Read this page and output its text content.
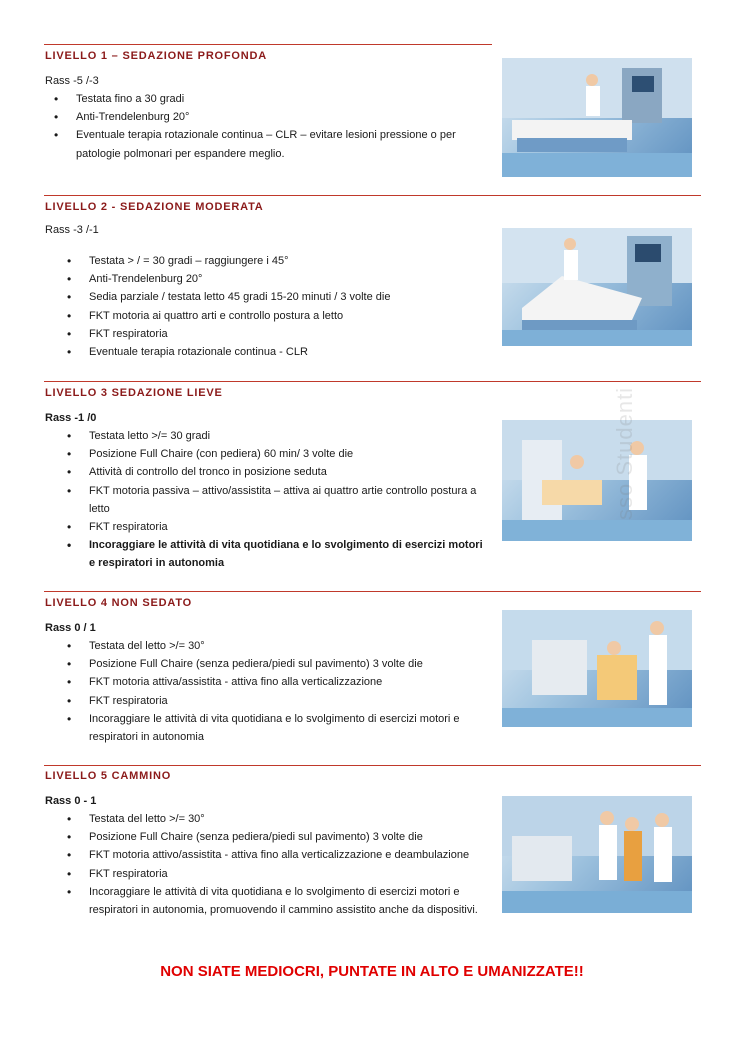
LIVELLO 1 – SEDAZIONE PROFONDA
Rass -5 /-3
• Testata fino a 30 gradi
• Anti-Trendelenburg 20°
• Eventuale terapia rotazionale continua – CLR – evitare lesioni pressione o per patologie polmonari per espandere meglio.
LIVELLO 2 - SEDAZIONE MODERATA
Rass -3 /-1
• Testata > / = 30 gradi – raggiungere i 45°
• Anti-Trendelenburg 20°
• Sedia parziale / testata letto 45 gradi 15-20 minuti / 3 volte die
• FKT motoria ai quattro arti e controllo postura a letto
• FKT respiratoria
• Eventuale terapia rotazionale continua - CLR
LIVELLO 3 SEDAZIONE LIEVE
Rass -1 /0
• Testata letto >/= 30 gradi
• Posizione Full Chaire (con pediera) 60 min/ 3 volte die
• Attività di controllo del tronco in posizione seduta
• FKT motoria passiva – attivo/assistita – attiva ai quattro artie controllo postura a letto
• FKT respiratoria
• Incoraggiare le attività di vita quotidiana e lo svolgimento di esercizi motori e respiratori in autonomia
LIVELLO 4 NON SEDATO
Rass 0 / 1
• Testata del letto >/= 30°
• Posizione Full Chaire (senza pediera/piedi sul pavimento) 3 volte die
• FKT motoria attiva/assistita - attiva fino alla verticalizzazione
• FKT respiratoria
• Incoraggiare le attività di vita quotidiana e lo svolgimento di esercizi motori e respiratori in autonomia
LIVELLO 5 CAMMINO
Rass 0 - 1
• Testata del letto >/= 30°
• Posizione Full Chaire (senza pediera/piedi sul pavimento) 3 volte die
• FKT motoria attivo/assistita - attiva fino alla verticalizzazione e deambulazione
• FKT respiratoria
• Incoraggiare le attività di vita quotidiana e lo svolgimento di esercizi motori e respiratori in autonomia, promuovendo il cammino assistito anche da dispositivi.
sso Studenti
NON SIATE MEDIOCRI, PUNTATE IN ALTO E UMANIZZATE!!
